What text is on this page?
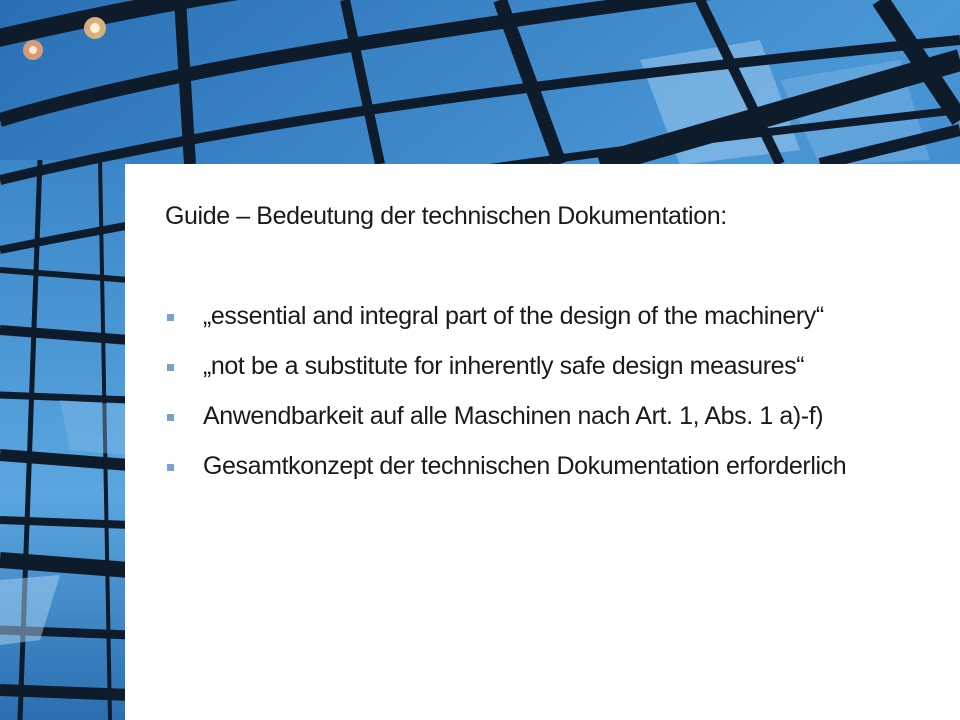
Guide – Bedeutung der technischen Dokumentation:
„essential and integral part of the design of the machinery“
„not be a substitute for inherently safe design measures“
Anwendbarkeit auf alle Maschinen nach Art. 1, Abs. 1 a)-f)
Gesamtkonzept der technischen Dokumentation erforderlich
